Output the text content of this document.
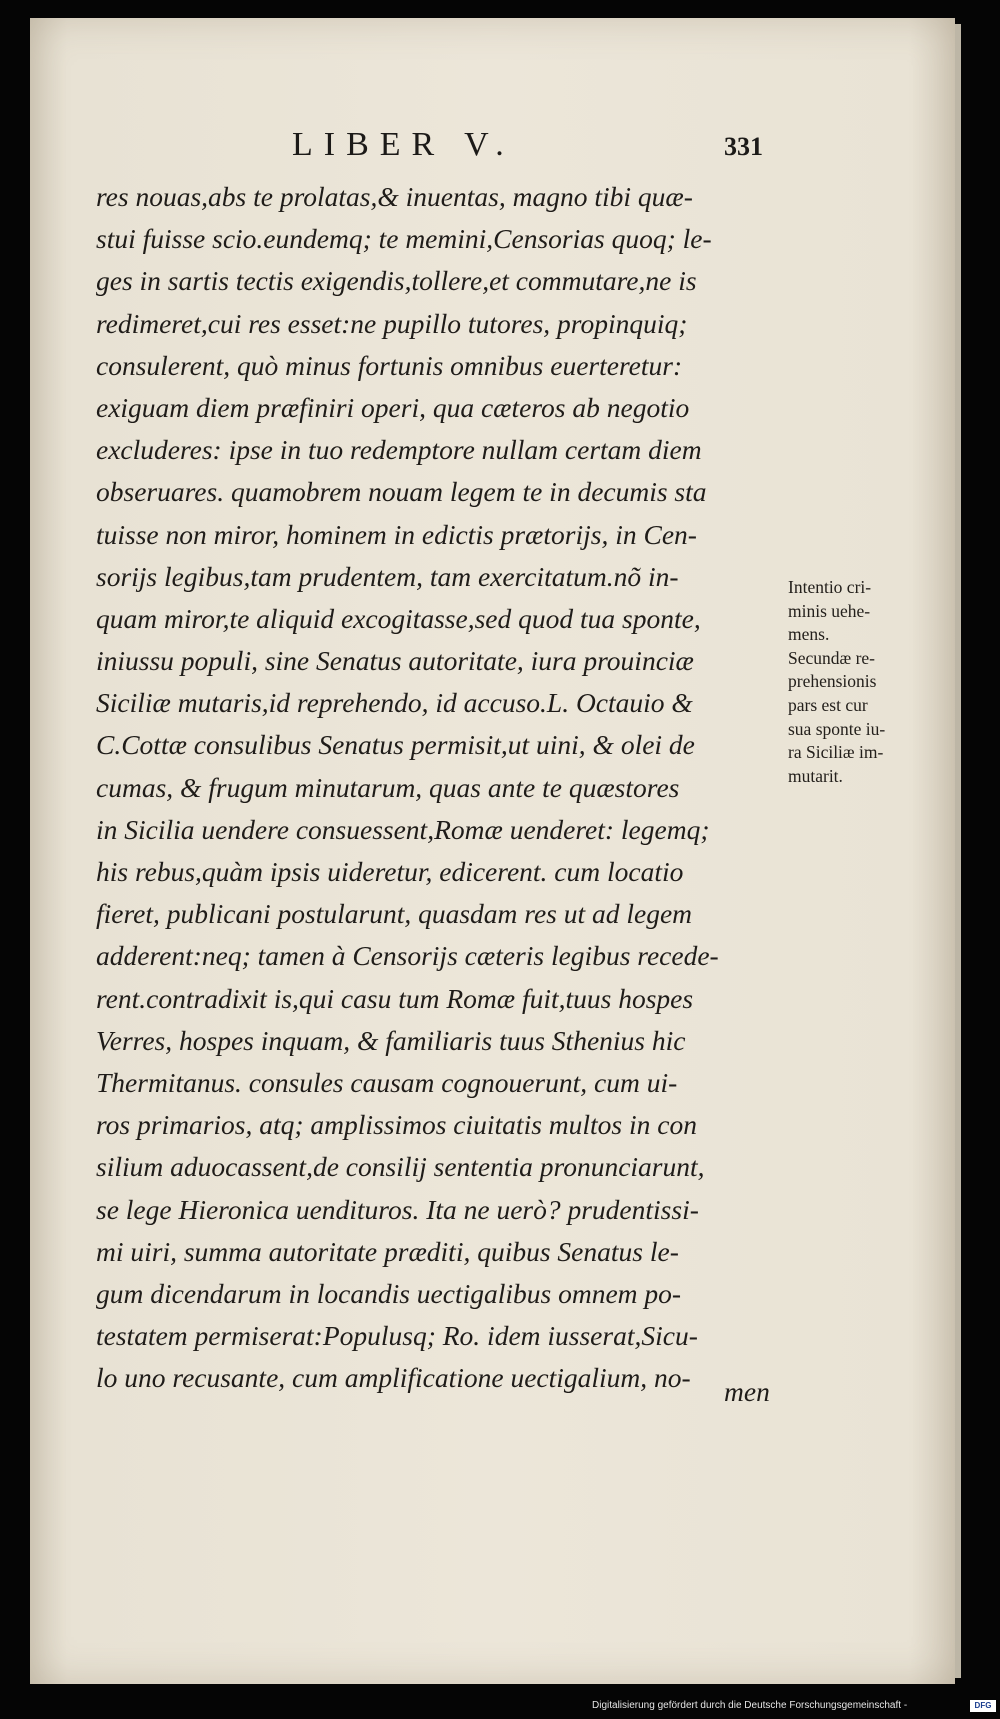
LIBER V.	331
res nouas,abs te prolatas,& inuentas, magno tibi quæ-
stui fuisse scio.eundemq; te memini,Censorias quoq; le-
ges in sartis tectis exigendis,tollere,et commutare,ne is
redimeret,cui res esset:ne pupillo tutores, propinquiq;
consulerent, quò minus fortunis omnibus euerteretur:
exiguam diem præfiniri operi, qua cæteros ab negotio
excluderes: ipse in tuo redemptore nullam certam diem
obseruares. quamobrem nouam legem te in decumis sta
tuisse non miror, hominem in edictis prætorijs, in Cen-
sorijs legibus,tam prudentem, tam exercitatum.nõ in-
quam miror,te aliquid excogitasse,sed quod tua sponte,
iniussu populi, sine Senatus autoritate, iura prouinciæ
Siciliæ mutaris,id reprehendo, id accuso.L. Octauio &
C.Cottæ consulibus Senatus permisit,ut uini, & olei de
cumas, & frugum minutarum, quas ante te quæstores
in Sicilia uendere consuessent,Romæ uenderet: legemq;
his rebus,quàm ipsis uideretur, edicerent. cum locatio
fieret, publicani postularunt, quasdam res ut ad legem
adderent:neq; tamen à Censorijs cæteris legibus recede-
rent.contradixit is,qui casu tum Romæ fuit,tuus hospes
Verres, hospes inquam, & familiaris tuus Sthenius hic
Thermitanus. consules causam cognouerunt, cum ui-
ros primarios, atq; amplissimos ciuitatis multos in con
silium aduocassent,de consilij sententia pronunciarunt,
se lege Hieronica uendituros. Ita ne uerò? prudentissi-
mi uiri, summa autoritate præditi, quibus Senatus le-
gum dicendarum in locandis uectigalibus omnem po-
testatem permiserat:Populusq; Ro. idem iusserat,Sicu-
lo uno recusante, cum amplificatione uectigalium, no-	men
Intentio cri-
minis uehe-
mens.
Secundæ re-
prehensionis
pars est cur
sua sponte iu-
ra Siciliæ im-
mutarit.
Digitalisierung gefördert durch die Deutsche Forschungsgemeinschaft -	DFG
